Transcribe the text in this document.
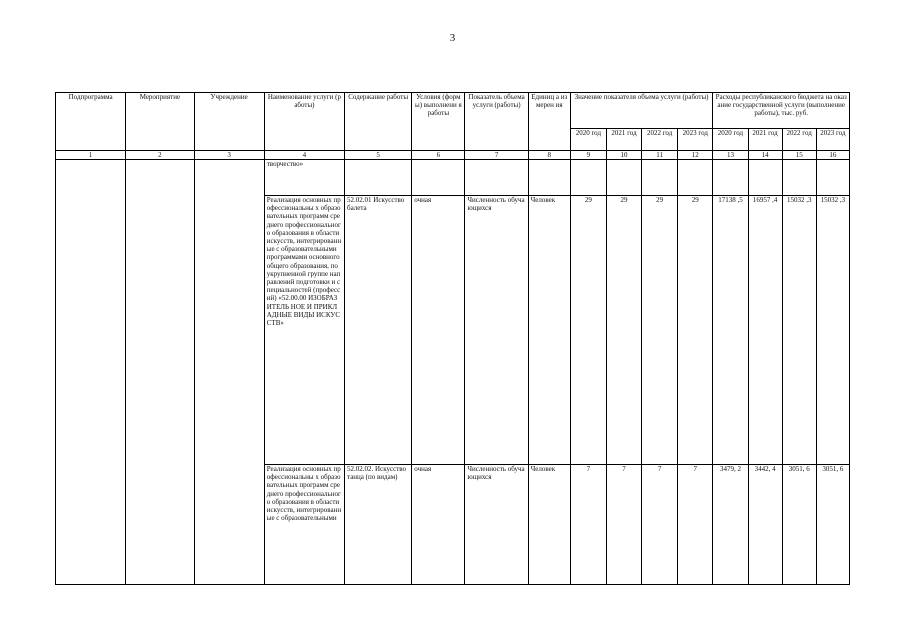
3
Подпрограмма	Мероприятие	Учреждение	Наименование услуги (работы)	Содержание работы	Условия (формы) выполнени я работы	Показатель объема услуги (работы)	Единиц а измерен ия	Значение показателя объема услуги (работы)				Расходы республиканского бюджета на оказание государственной услуги (выполнение работы), тыс. руб.			
								2020 год	2021 год	2022 год	2023 год	2020 год	2021 год	2022 год	2023 год
1	2	3	4	5	6	7	8	9	10	11	12	13	14	15	16
			творчество»												
			Реализация основных профессиональны х образовательных программ среднего профессиональног о образования в области искусств, интегрированные с образовательными программами основного общего образования, по укрупненной группе направлений подготовки и специальностей (профессий) «52.00.00 ИЗОБРАЗИТЕЛЬ НОЕ И ПРИКЛАДНЫЕ ВИДЫ ИСКУССТВ»	52.02.01 Искусство балета	очная	Численность обучающихся	Человек	29	29	29	29	17138 ,5	16957 ,4	15032 ,3	15032 ,3
			Реализация основных профессиональны х образовательных программ среднего профессиональног о образования в области искусств, интегрированные с образовательными	52.02.02. Искусство танца (по видам)	очная	Численность обучающихся	Человек	7	7	7	7	3479, 2	3442, 4	3051, 6	3051, 6
